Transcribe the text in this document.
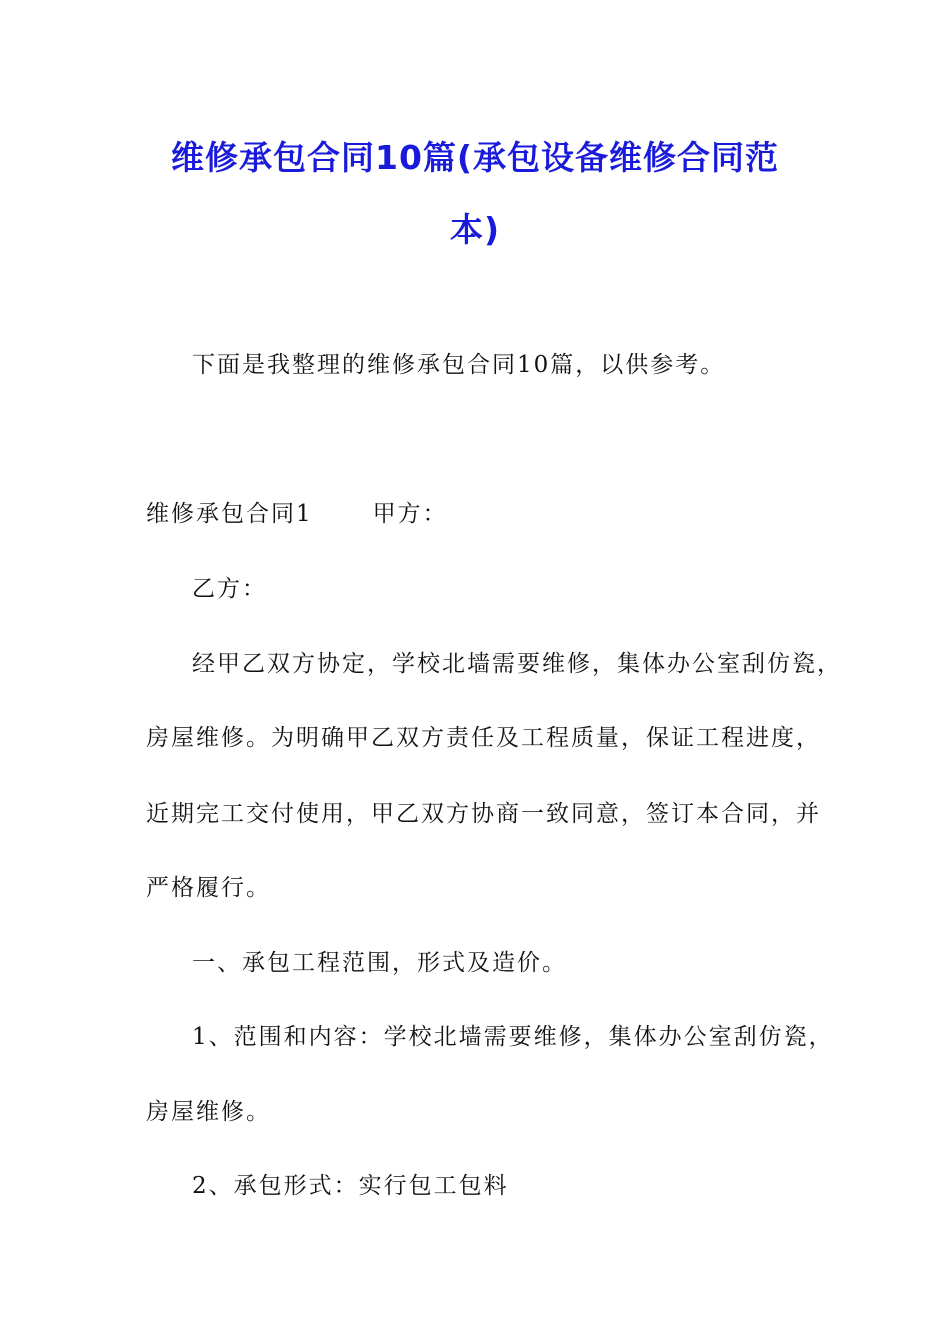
维修承包合同10篇(承包设备维修合同范
本)
下面是我整理的维修承包合同10篇，以供参考。
维修承包合同1	甲方：
乙方：
经甲乙双方协定，学校北墙需要维修，集体办公室刮仿瓷，
房屋维修。为明确甲乙双方责任及工程质量，保证工程进度，
近期完工交付使用，甲乙双方协商一致同意，签订本合同，并
严格履行。
一、承包工程范围，形式及造价。
1、范围和内容：学校北墙需要维修，集体办公室刮仿瓷，
房屋维修。
2、承包形式：实行包工包料
